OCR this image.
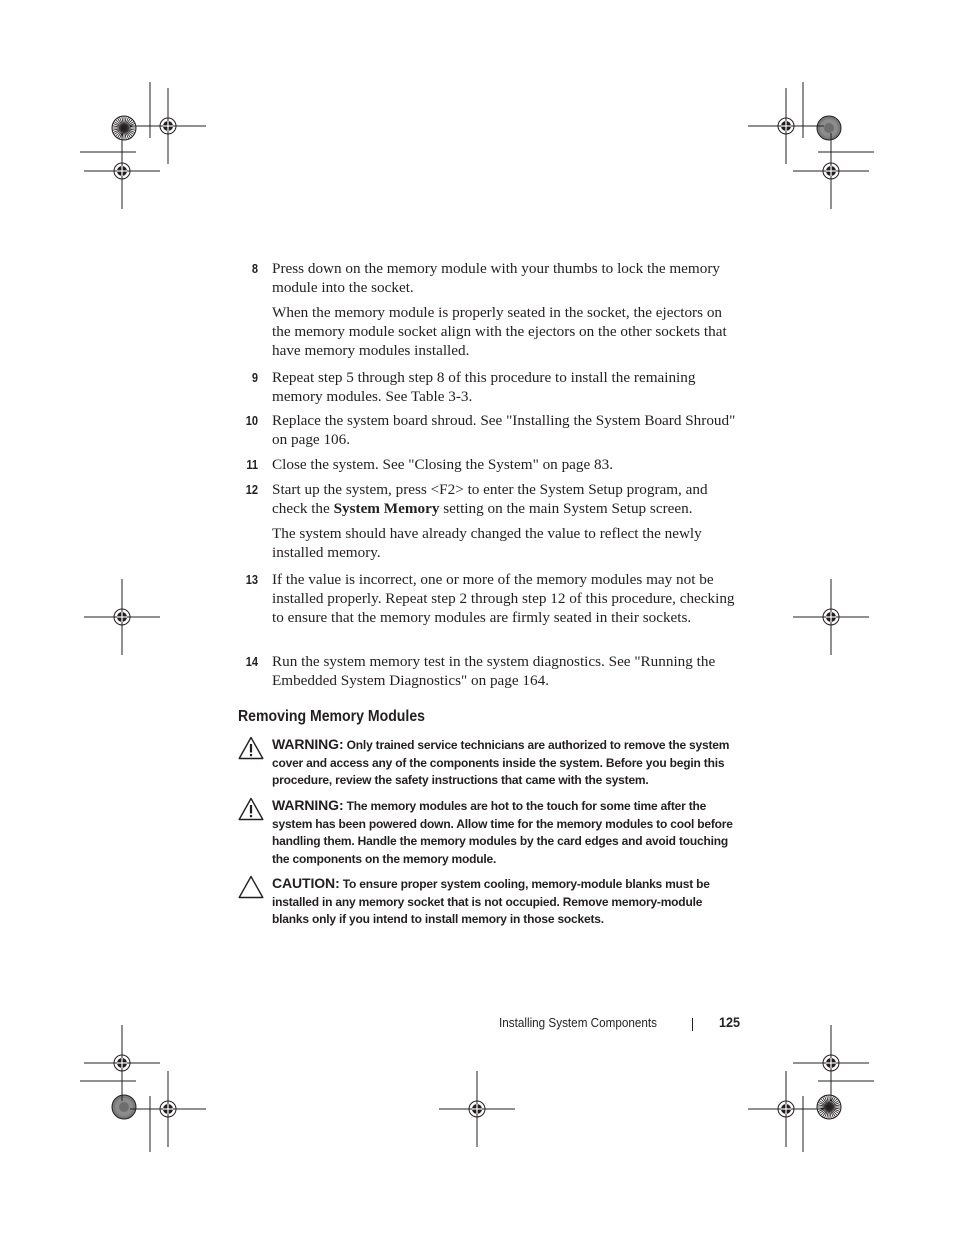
8 Press down on the memory module with your thumbs to lock the memory module into the socket.

When the memory module is properly seated in the socket, the ejectors on the memory module socket align with the ejectors on the other sockets that have memory modules installed.

9 Repeat step 5 through step 8 of this procedure to install the remaining memory modules. See Table 3-3.

10 Replace the system board shroud. See "Installing the System Board Shroud" on page 106.

11 Close the system. See "Closing the System" on page 83.

12 Start up the system, press <F2> to enter the System Setup program, and check the System Memory setting on the main System Setup screen.

The system should have already changed the value to reflect the newly installed memory.

13 If the value is incorrect, one or more of the memory modules may not be installed properly. Repeat step 2 through step 12 of this procedure, checking to ensure that the memory modules are firmly seated in their sockets.

14 Run the system memory test in the system diagnostics. See "Running the Embedded System Diagnostics" on page 164.

Removing Memory Modules
WARNING: Only trained service technicians are authorized to remove the system cover and access any of the components inside the system. Before you begin this procedure, review the safety instructions that came with the system.
WARNING: The memory modules are hot to the touch for some time after the system has been powered down. Allow time for the memory modules to cool before handling them. Handle the memory modules by the card edges and avoid touching the components on the memory module.
CAUTION: To ensure proper system cooling, memory-module blanks must be installed in any memory socket that is not occupied. Remove memory-module blanks only if you intend to install memory in those sockets.
Installing System Components	125
